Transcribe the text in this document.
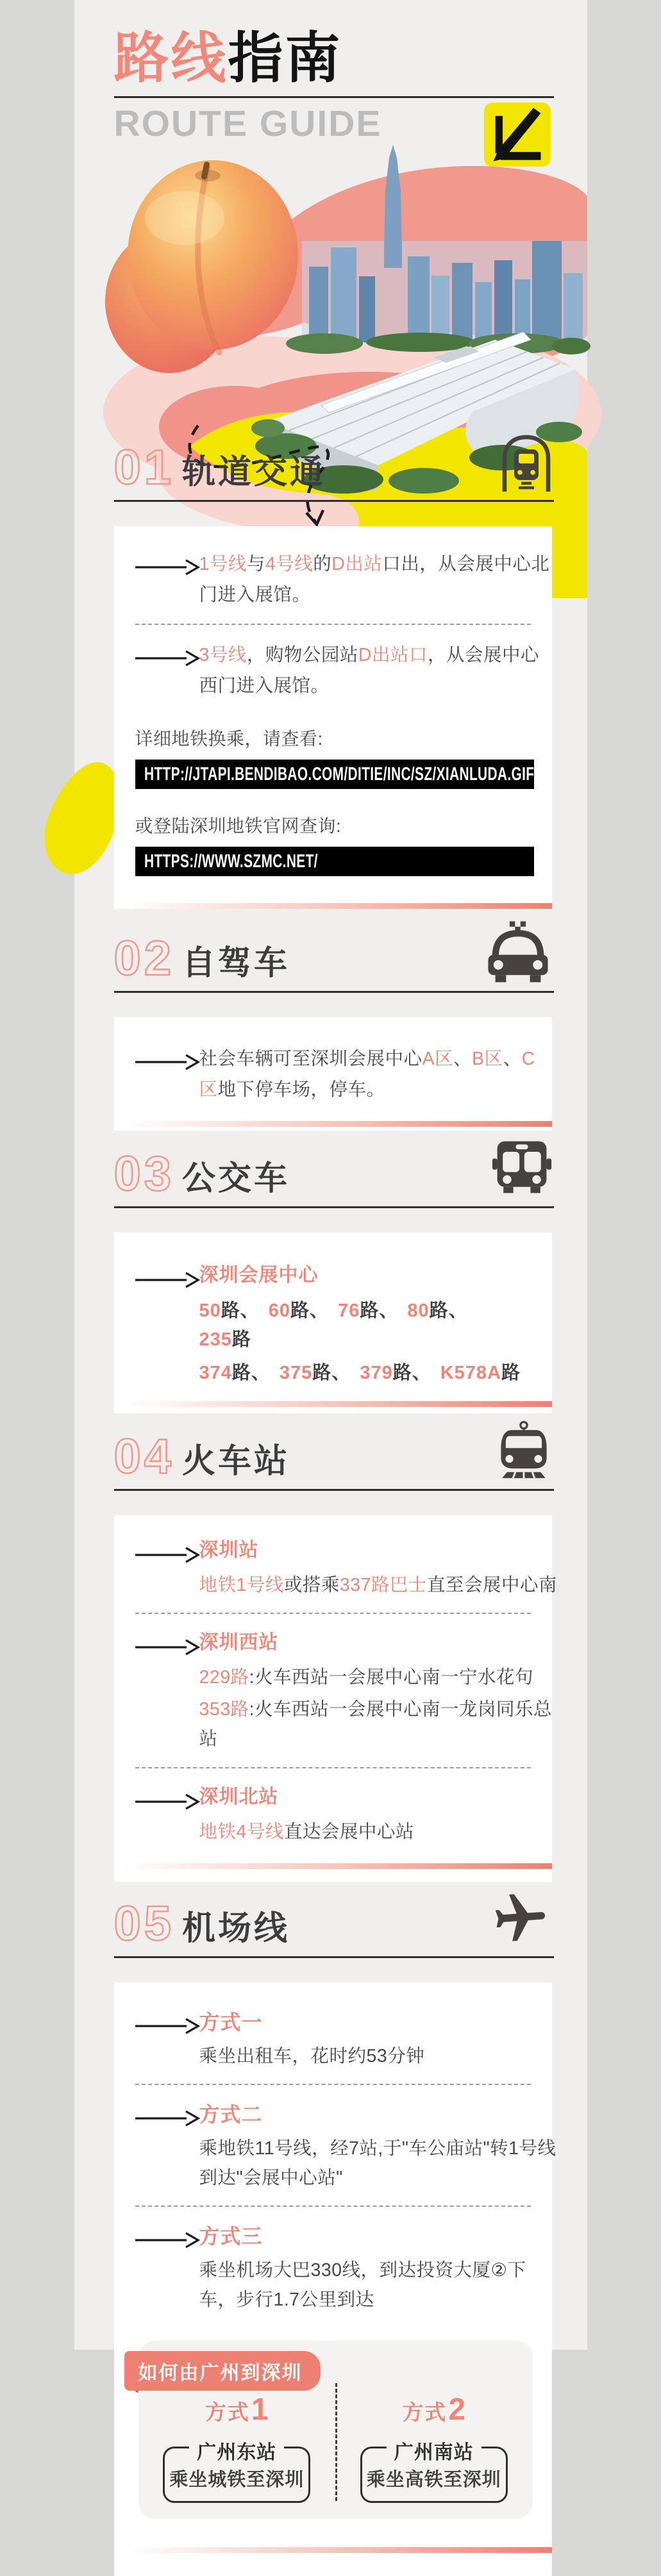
路线指南
ROUTE GUIDE
01 轨道交通
1号线与4号线的D出站口出，从会展中心北门进入展馆。
3号线，购物公园站D出站口，从会展中心西门进入展馆。
详细地铁换乘，请查看:
HTTP://JTAPI.BENDIBAO.COM/DITIE/INC/SZ/XIANLUDA.GIF
或登陆深圳地铁官网查询:
HTTPS://WWW.SZMC.NET/
02 自驾车
社会车辆可至深圳会展中心A区、B区、C区地下停车场，停车。
03 公交车
深圳会展中心
50路、 60路、 76路、 80路、235路
374路、 375路、 379路、 K578A路
04 火车站
深圳站
地铁1号线或搭乘337路巴士直至会展中心南
深圳西站
229路:火车西站一会展中心南一宁水花句
353路:火车西站一会展中心南一龙岗同乐总站
深圳北站
地铁4号线直达会展中心站
05 机场线
方式一
乘坐出租车，花时约53分钟
方式二
乘地铁11号线，经7站,于"车公庙站"转1号线到达"会展中心站"
方式三
乘坐机场大巴330线，到达投资大厦②下车，步行1.7公里到达
如何由广州到深圳
方式1
广州东站
乘坐城铁至深圳
方式2
广州南站
乘坐高铁至深圳
